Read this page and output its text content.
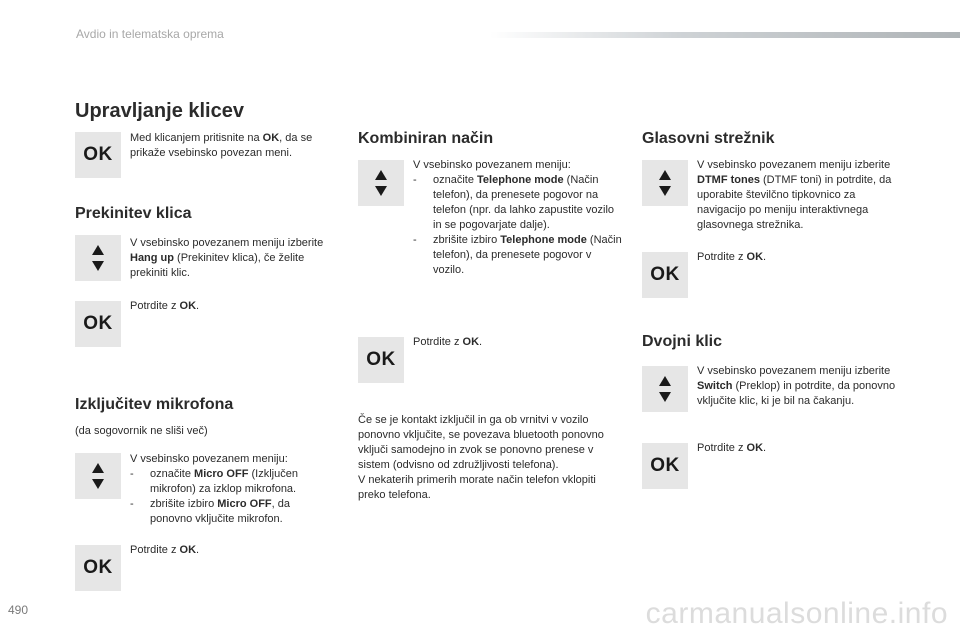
Avdio in telematska oprema
Upravljanje klicev
OK
Med klicanjem pritisnite na OK, da se prikaže vsebinsko povezan meni.
Prekinitev klica
V vsebinsko povezanem meniju izberite Hang up (Prekinitev klica), če želite prekiniti klic.
OK
Potrdite z OK.
Izključitev mikrofona
(da sogovornik ne sliši več)
V vsebinsko povezanem meniju:
-	označite Micro OFF (Izključen mikrofon) za izklop mikrofona.
-	zbrišite izbiro Micro OFF, da ponovno vključite mikrofon.
OK
Potrdite z OK.
Kombiniran način
V vsebinsko povezanem meniju:
-	označite Telephone mode (Način telefon), da prenesete pogovor na telefon (npr. da lahko zapustite vozilo in se pogovarjate dalje).
-	zbrišite izbiro Telephone mode (Način telefon), da prenesete pogovor v vozilo.
OK
Potrdite z OK.
Če se je kontakt izključil in ga ob vrnitvi v vozilo ponovno vključite, se povezava bluetooth ponovno vključi samodejno in zvok se ponovno prenese v sistem (odvisno od združljivosti telefona).
V nekaterih primerih morate način telefon vklopiti preko telefona.
Glasovni strežnik
V vsebinsko povezanem meniju izberite DTMF tones (DTMF toni) in potrdite, da uporabite številčno tipkovnico za navigacijo po meniju interaktivnega glasovnega strežnika.
OK
Potrdite z OK.
Dvojni klic
V vsebinsko povezanem meniju izberite Switch (Preklop) in potrdite, da ponovno vključite klic, ki je bil na čakanju.
OK
Potrdite z OK.
490	carmanualsonline.info
